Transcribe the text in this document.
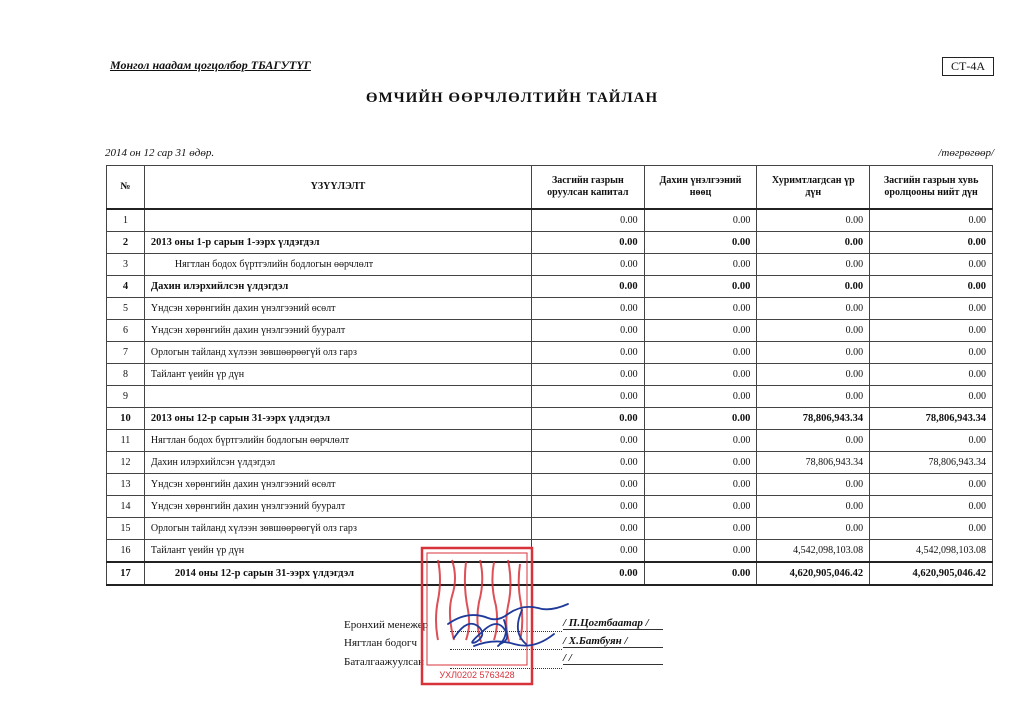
Монгол наадам цогцолбор ТБАГУТҮГ	СТ-4А
ӨМЧИЙН ӨӨРЧЛӨЛТИЙН ТАЙЛАН
2014 он 12 сар 31 өдөр.	/төгрөгөөр/
№	ҮЗҮҮЛЭЛТ	Засгийн газрын оруулсан капитал	Дахин үнэлгээний нөөц	Хуримтлагдсан үр дүн	Засгийн газрын хувь оролцооны нийт дүн
1		0.00	0.00	0.00	0.00
2	2013 оны 1-р сарын 1-ээрх үлдэгдэл	0.00	0.00	0.00	0.00
3	Нягтлан бодох бүртгэлийн бодлогын өөрчлөлт	0.00	0.00	0.00	0.00
4	Дахин илэрхийлсэн үлдэгдэл	0.00	0.00	0.00	0.00
5	Үндсэн хөрөнгийн дахин үнэлгээний өсөлт	0.00	0.00	0.00	0.00
6	Үндсэн хөрөнгийн дахин үнэлгээний бууралт	0.00	0.00	0.00	0.00
7	Орлогын тайланд хүлээн зөвшөөрөөгүй олз гарз	0.00	0.00	0.00	0.00
8	Тайлант үеийн үр дүн	0.00	0.00	0.00	0.00
9		0.00	0.00	0.00	0.00
10	2013 оны 12-р сарын 31-ээрх үлдэгдэл	0.00	0.00	78,806,943.34	78,806,943.34
11	Нягтлан бодох бүртгэлийн бодлогын өөрчлөлт	0.00	0.00	0.00	0.00
12	Дахин илэрхийлсэн үлдэгдэл	0.00	0.00	78,806,943.34	78,806,943.34
13	Үндсэн хөрөнгийн дахин үнэлгээний өсөлт	0.00	0.00	0.00	0.00
14	Үндсэн хөрөнгийн дахин үнэлгээний бууралт	0.00	0.00	0.00	0.00
15	Орлогын тайланд хүлээн зөвшөөрөөгүй олз гарз	0.00	0.00	0.00	0.00
16	Тайлант үеийн үр дүн	0.00	0.00	4,542,098,103.08	4,542,098,103.08
17	2014 оны 12-р сарын 31-ээрх үлдэгдэл	0.00	0.00	4,620,905,046.42	4,620,905,046.42
Еронхий менежер	/ П.Цогтбаатар /
Нягтлан бодогч	/ Х.Батбуян /
Баталгаажуулсан	/ /
УХЛ0202 5763428
